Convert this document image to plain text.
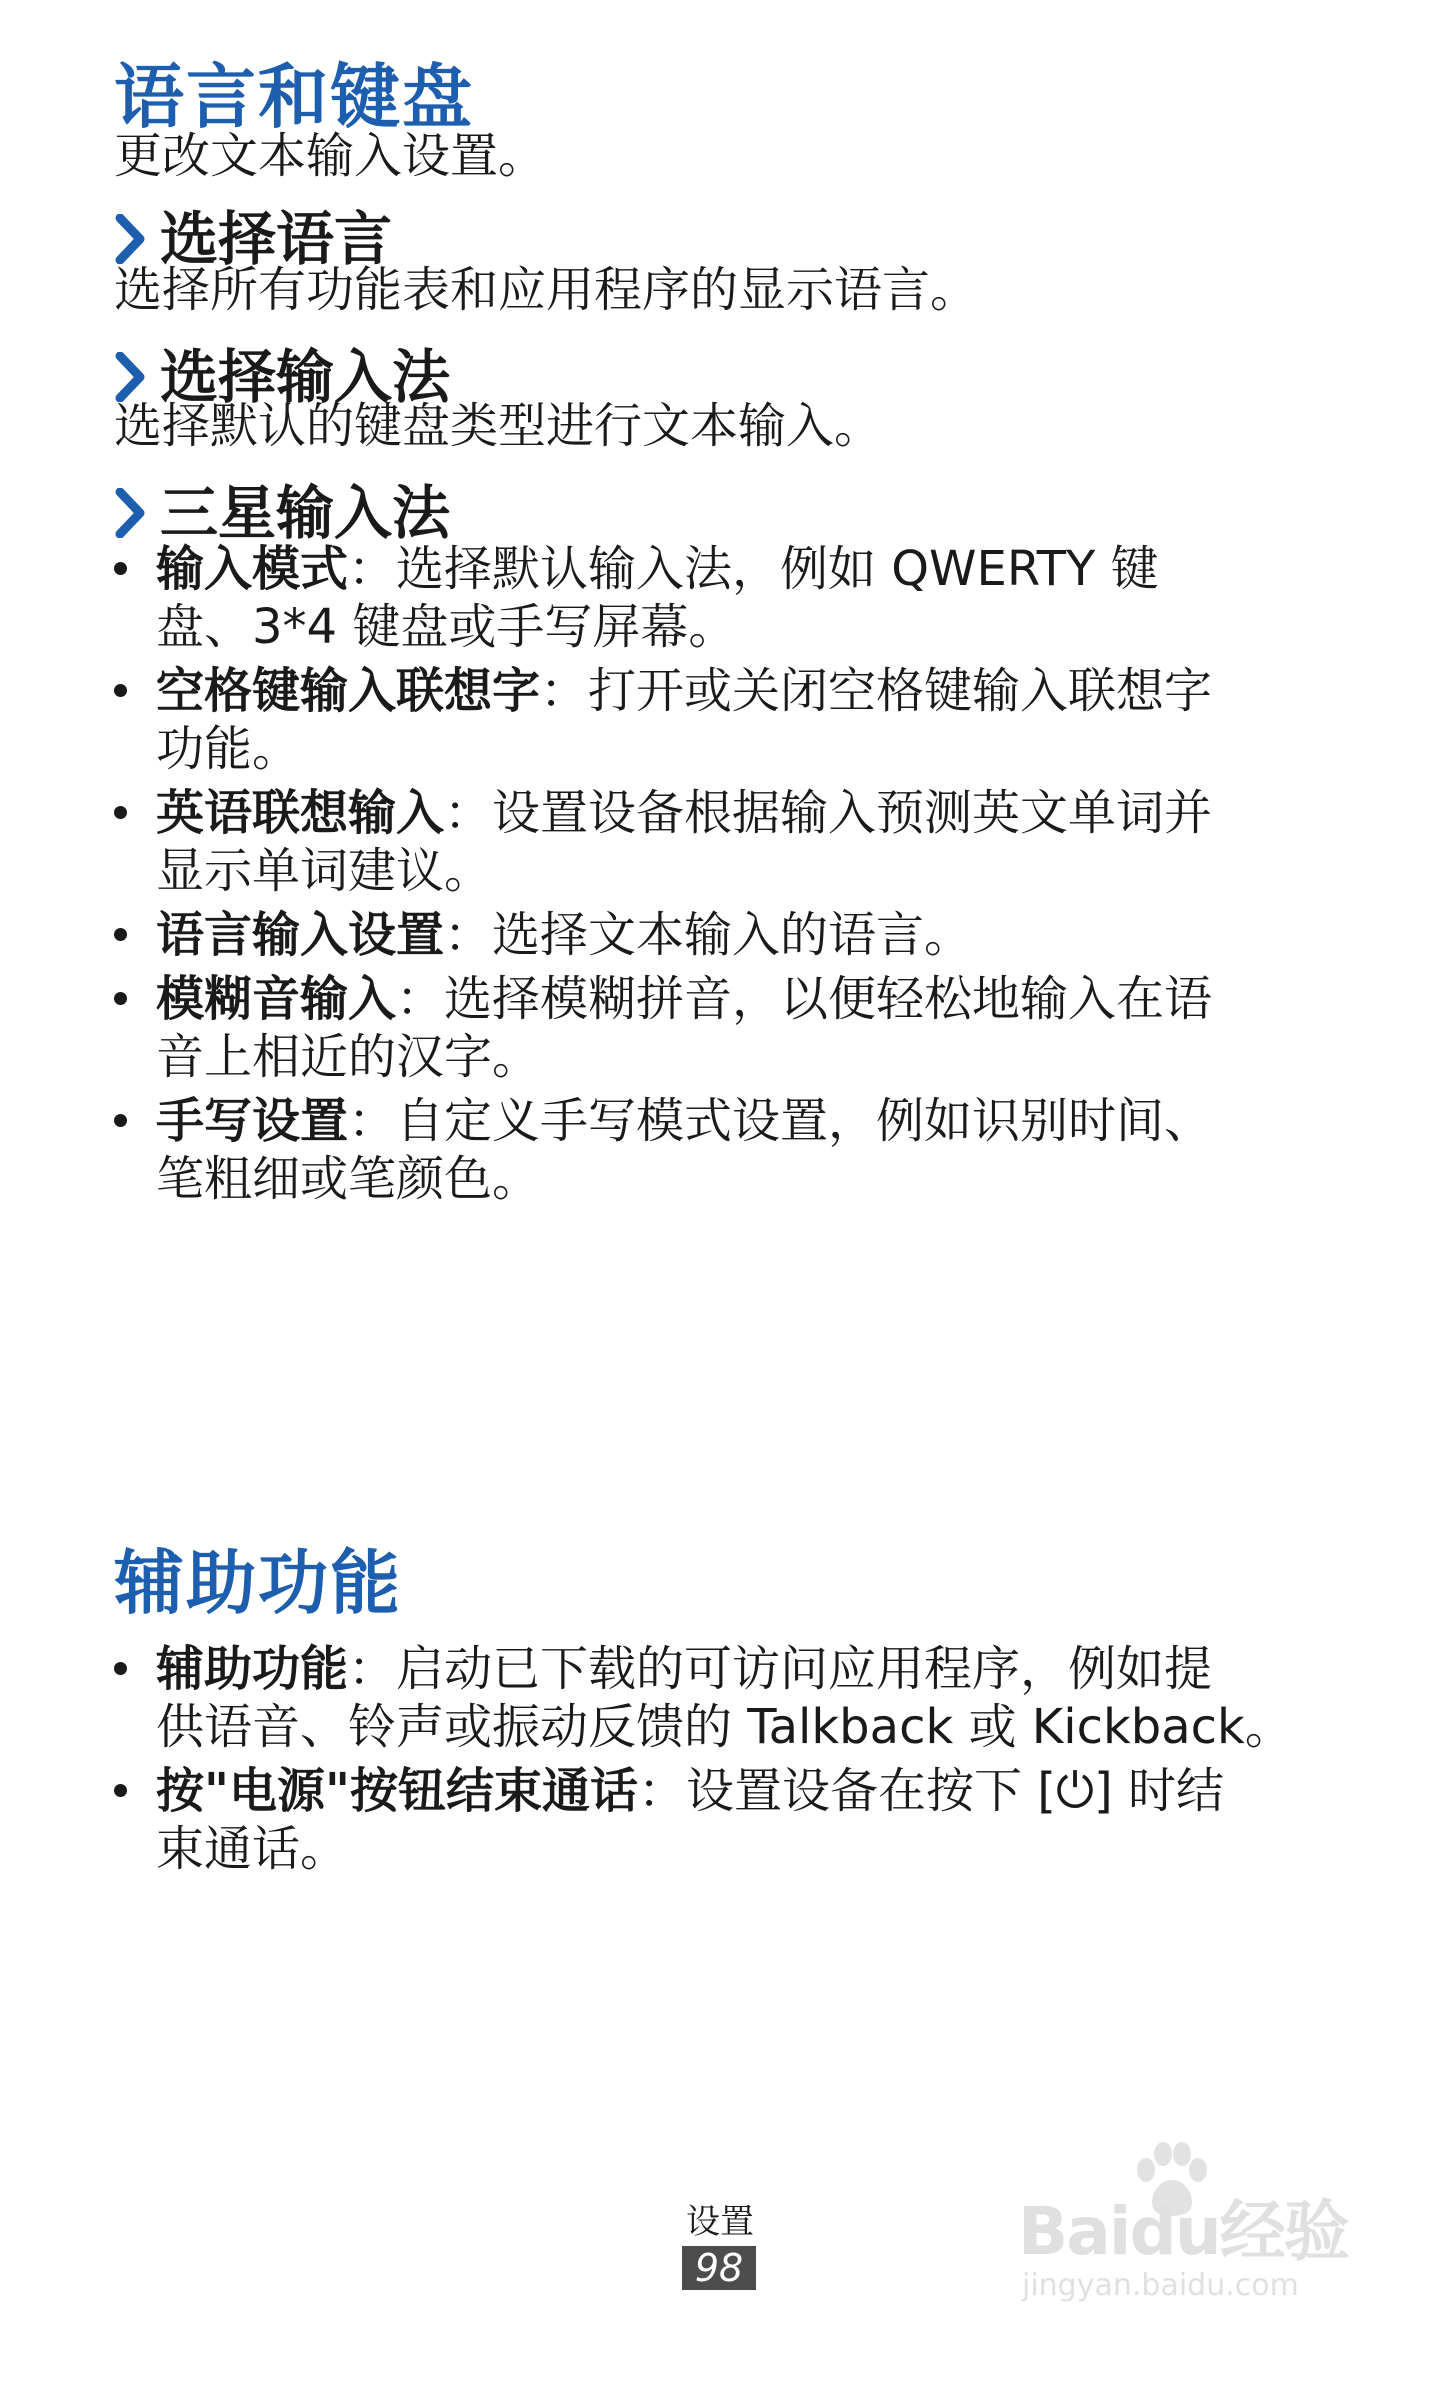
语言和键盘
更改文本输入设置。
选择语言
选择所有功能表和应用程序的显示语言。
选择输入法
选择默认的键盘类型进行文本输入。
三星输入法
输入模式：选择默认输入法，例如 QWERTY 键
盘、3*4 键盘或手写屏幕。
空格键输入联想字：打开或关闭空格键输入联想字
功能。
英语联想输入：设置设备根据输入预测英文单词并
显示单词建议。
语言输入设置：选择文本输入的语言。
模糊音输入：选择模糊拼音，以便轻松地输入在语
音上相近的汉字。
手写设置：自定义手写模式设置，例如识别时间、
笔粗细或笔颜色。
辅助功能
辅助功能：启动已下载的可访问应用程序，例如提
供语音、铃声或振动反馈的 Talkback 或 Kickback。
按"电源"按钮结束通话：设置设备在按下 [⏻] 时结
束通话。
设置
98	Baidu经验
jingyan.baidu.com
